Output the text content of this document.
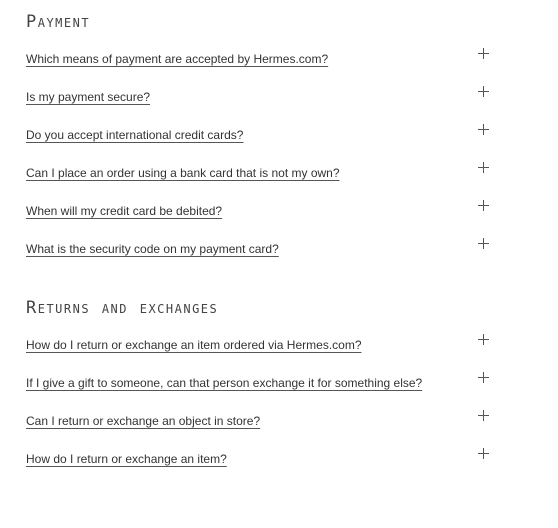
Payment
Which means of payment are accepted by Hermes.com?
Is my payment secure?
Do you accept international credit cards?
Can I place an order using a bank card that is not my own?
When will my credit card be debited?
What is the security code on my payment card?
Returns and exchanges
How do I return or exchange an item ordered via Hermes.com?
If I give a gift to someone, can that person exchange it for something else?
Can I return or exchange an object in store?
How do I return or exchange an item?
